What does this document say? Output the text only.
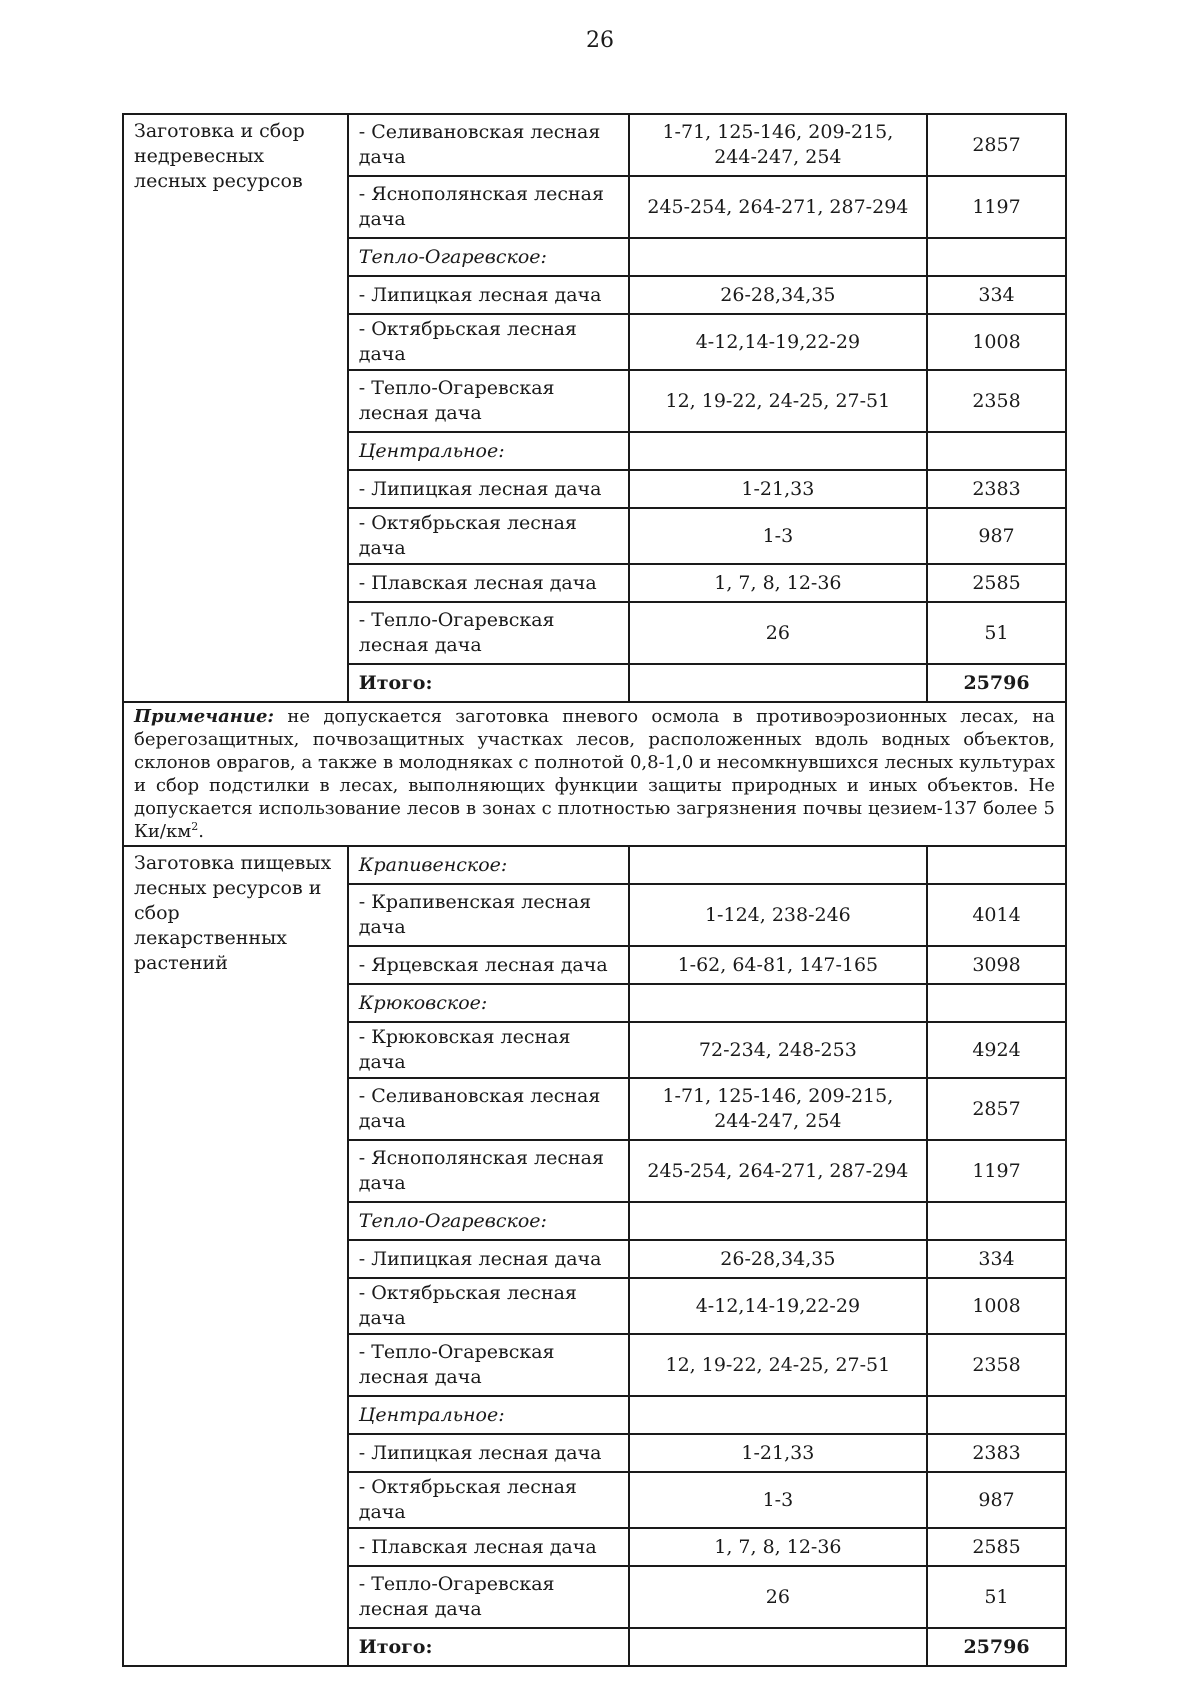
26
Заготовка и сбор недревесных лесных ресурсов	- Селивановская лесная дача	1-71, 125-146, 209-215, 244-247, 254	2857
	- Яснополянская лесная дача	245-254, 264-271, 287-294	1197
	Тепло-Огаревское:		
	- Липицкая лесная дача	26-28,34,35	334
	- Октябрьская лесная дача	4-12,14-19,22-29	1008
	- Тепло-Огаревская лесная дача	12, 19-22, 24-25, 27-51	2358
	Центральное:		
	- Липицкая лесная дача	1-21,33	2383
	- Октябрьская лесная дача	1-3	987
	- Плавская лесная дача	1, 7, 8, 12-36	2585
	- Тепло-Огаревская лесная дача	26	51
	Итого:		25796
Примечание: не допускается заготовка пневого осмола в противоэрозионных лесах, на берегозащитных, почвозащитных участках лесов, расположенных вдоль водных объектов, склонов оврагов, а также в молодняках с полнотой 0,8-1,0 и несомкнувшихся лесных культурах и сбор подстилки в лесах, выполняющих функции защиты природных и иных объектов. Не допускается использование лесов в зонах с плотностью загрязнения почвы цезием-137 более 5 $Ки/км^2$.			
Заготовка пищевых лесных ресурсов и сбор лекарственных растений	Крапивенское:		
	- Крапивенская лесная дача	1-124, 238-246	4014
	- Ярцевская лесная дача	1-62, 64-81, 147-165	3098
	Крюковское:		
	- Крюковская лесная дача	72-234, 248-253	4924
	- Селивановская лесная дача	1-71, 125-146, 209-215, 244-247, 254	2857
	- Яснополянская лесная дача	245-254, 264-271, 287-294	1197
	Тепло-Огаревское:		
	- Липицкая лесная дача	26-28,34,35	334
	- Октябрьская лесная дача	4-12,14-19,22-29	1008
	- Тепло-Огаревская лесная дача	12, 19-22, 24-25, 27-51	2358
	Центральное:		
	- Липицкая лесная дача	1-21,33	2383
	- Октябрьская лесная дача	1-3	987
	- Плавская лесная дача	1, 7, 8, 12-36	2585
	- Тепло-Огаревская лесная дача	26	51
	Итого:		25796
